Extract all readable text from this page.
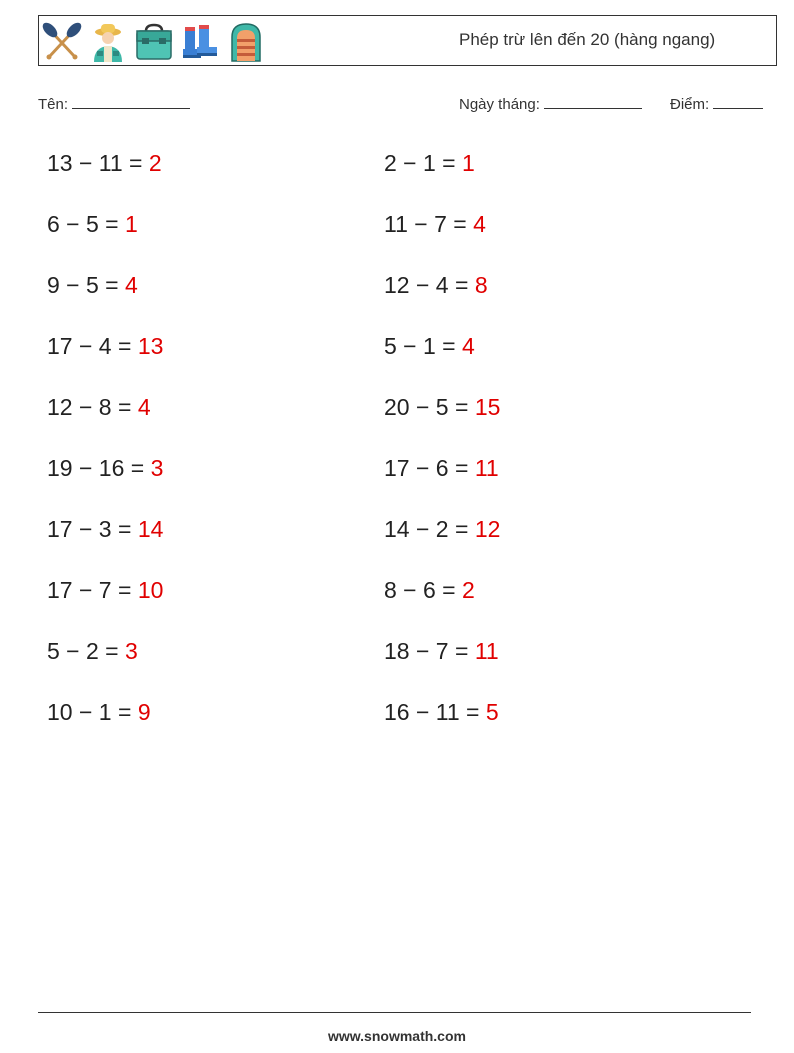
Phép trừ lên đến 20 (hàng ngang)
Tên:	Ngày tháng:	Điểm:
13 − 11 = 2
6 − 5 = 1
9 − 5 = 4
17 − 4 = 13
12 − 8 = 4
19 − 16 = 3
17 − 3 = 14
17 − 7 = 10
5 − 2 = 3
10 − 1 = 9
2 − 1 = 1
11 − 7 = 4
12 − 4 = 8
5 − 1 = 4
20 − 5 = 15
17 − 6 = 11
14 − 2 = 12
8 − 6 = 2
18 − 7 = 11
16 − 11 = 5
www.snowmath.com
